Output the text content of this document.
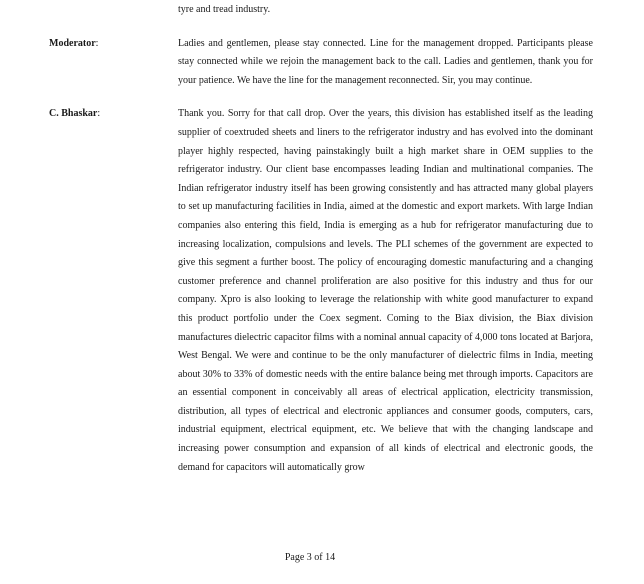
tyre and tread industry.
Moderator:	Ladies and gentlemen, please stay connected. Line for the management dropped. Participants please stay connected while we rejoin the management back to the call. Ladies and gentlemen, thank you for your patience. We have the line for the management reconnected. Sir, you may continue.
C. Bhaskar:	Thank you. Sorry for that call drop. Over the years, this division has established itself as the leading supplier of coextruded sheets and liners to the refrigerator industry and has evolved into the dominant player highly respected, having painstakingly built a high market share in OEM supplies to the refrigerator industry. Our client base encompasses leading Indian and multinational companies. The Indian refrigerator industry itself has been growing consistently and has attracted many global players to set up manufacturing facilities in India, aimed at the domestic and export markets. With large Indian companies also entering this field, India is emerging as a hub for refrigerator manufacturing due to increasing localization, compulsions and levels. The PLI schemes of the government are expected to give this segment a further boost. The policy of encouraging domestic manufacturing and a changing customer preference and channel proliferation are also positive for this industry and thus for our company. Xpro is also looking to leverage the relationship with white good manufacturer to expand this product portfolio under the Coex segment. Coming to the Biax division, the Biax division manufactures dielectric capacitor films with a nominal annual capacity of 4,000 tons located at Barjora, West Bengal. We were and continue to be the only manufacturer of dielectric films in India, meeting about 30% to 33% of domestic needs with the entire balance being met through imports. Capacitors are an essential component in conceivably all areas of electrical application, electricity transmission, distribution, all types of electrical and electronic appliances and consumer goods, computers, cars, industrial equipment, electrical equipment, etc. We believe that with the changing landscape and increasing power consumption and expansion of all kinds of electrical and electronic goods, the demand for capacitors will automatically grow
Page 3 of 14
